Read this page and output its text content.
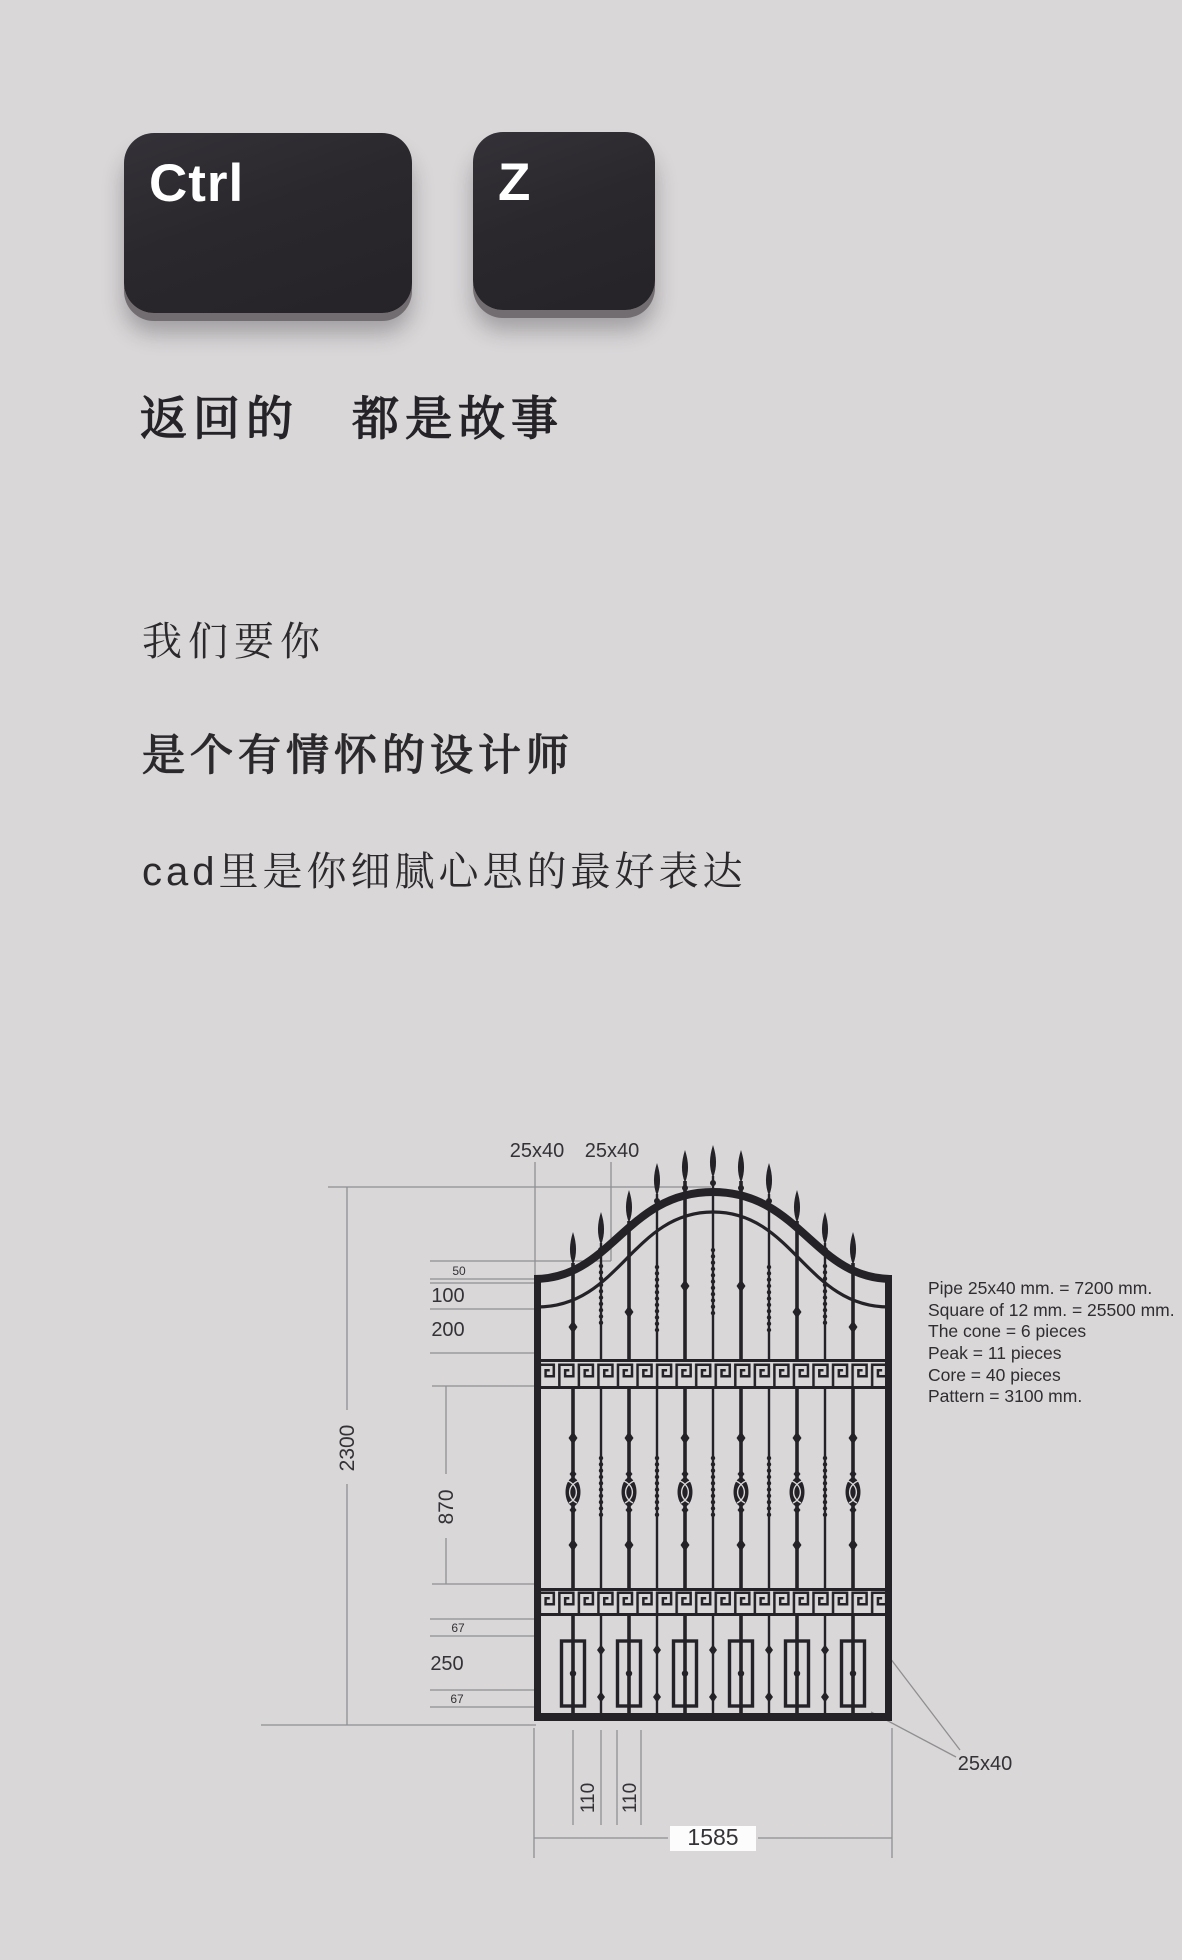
Ctrl	Z
返回的　都是故事
我们要你
是个有情怀的设计师
cad里是你细腻心思的最好表达
25x40 25x40
50
100
200
2300
870
67
250
67
110 110
1585
25x40
Pipe 25x40 mm. = 7200 mm.
Square of 12 mm. = 25500 mm.
The cone = 6 pieces
Peak = 11 pieces
Core = 40 pieces
Pattern = 3100 mm.
